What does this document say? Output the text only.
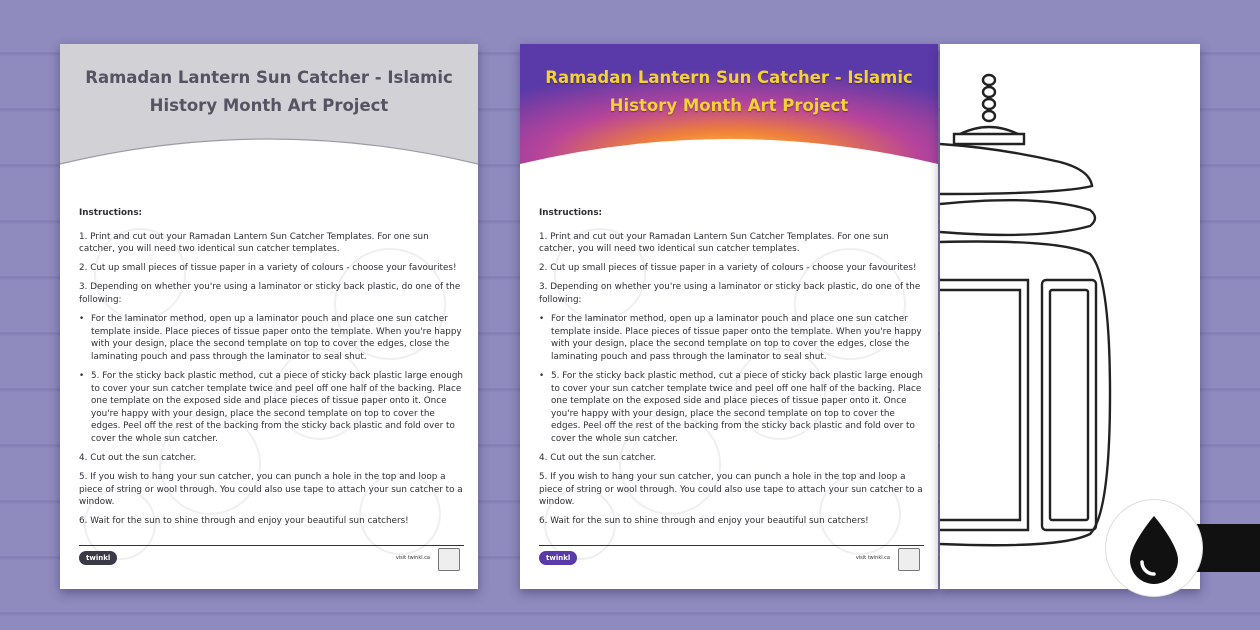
Ramadan Lantern Sun Catcher - Islamic
History Month Art Project
Instructions:

1. Print and cut out your Ramadan Lantern Sun Catcher Templates. For one sun catcher, you will need two identical sun catcher templates.

2. Cut up small pieces of tissue paper in a variety of colours - choose your favourites!

3. Depending on whether you're using a laminator or sticky back plastic, do one of the following:

• For the laminator method, open up a laminator pouch and place one sun catcher template inside. Place pieces of tissue paper onto the template. When you're happy with your design, place the second template on top to cover the edges, close the laminating pouch and pass through the laminator to seal shut.

• 5. For the sticky back plastic method, cut a piece of sticky back plastic large enough to cover your sun catcher template twice and peel off one half of the backing. Place one template on the exposed side and place pieces of tissue paper onto it. Once you're happy with your design, place the second template on top to cover the edges. Peel off the rest of the backing from the sticky back plastic and fold over to cover the whole sun catcher.

4. Cut out the sun catcher.

5. If you wish to hang your sun catcher, you can punch a hole in the top and loop a piece of string or wool through. You could also use tape to attach your sun catcher to a window.

6. Wait for the sun to shine through and enjoy your beautiful sun catchers!

twinkl	visit twinkl.ca
Ramadan Lantern Sun Catcher - Islamic
History Month Art Project
Instructions:

1. Print and cut out your Ramadan Lantern Sun Catcher Templates. For one sun catcher, you will need two identical sun catcher templates.

2. Cut up small pieces of tissue paper in a variety of colours - choose your favourites!

3. Depending on whether you're using a laminator or sticky back plastic, do one of the following:

• For the laminator method, open up a laminator pouch and place one sun catcher template inside. Place pieces of tissue paper onto the template. When you're happy with your design, place the second template on top to cover the edges, close the laminating pouch and pass through the laminator to seal shut.

• 5. For the sticky back plastic method, cut a piece of sticky back plastic large enough to cover your sun catcher template twice and peel off one half of the backing. Place one template on the exposed side and place pieces of tissue paper onto it. Once you're happy with your design, place the second template on top to cover the edges. Peel off the rest of the backing from the sticky back plastic and fold over to cover the whole sun catcher.

4. Cut out the sun catcher.

5. If you wish to hang your sun catcher, you can punch a hole in the top and loop a piece of string or wool through. You could also use tape to attach your sun catcher to a window.

6. Wait for the sun to shine through and enjoy your beautiful sun catchers!

twinkl	visit twinkl.ca
